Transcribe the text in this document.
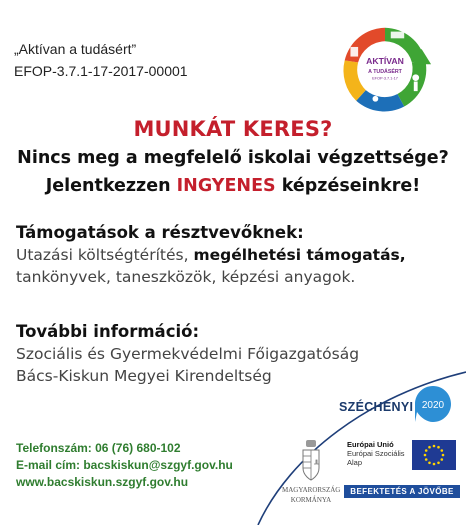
„Aktívan a tudásért”
EFOP-3.7.1-17-2017-00001
AKTÍVAN
A TUDÁSÉRT
EFOP-3.7.1-17
MUNKÁT KERES?
Nincs meg a megfelelő iskolai végzettsége?
Jelentkezzen INGYENES képzéseinkre!
Támogatások a résztvevőknek:
Utazási költségtérítés, megélhetési támogatás,
tankönyvek, taneszközök, képzési anyagok.
További információ:
Szociális és Gyermekvédelmi Főigazgatóság
Bács-Kiskun Megyei Kirendeltség
Telefonszám: 06 (76) 680-102
E-mail cím: bacskiskun@szgyf.gov.hu
www.bacskiskun.szgyf.gov.hu
SZÉCHENYI 2020
MAGYARORSZÁG
KORMÁNYA
Európai Unió
Európai Szociális
Alap
BEFEKTETÉS A JÖVŐBE
